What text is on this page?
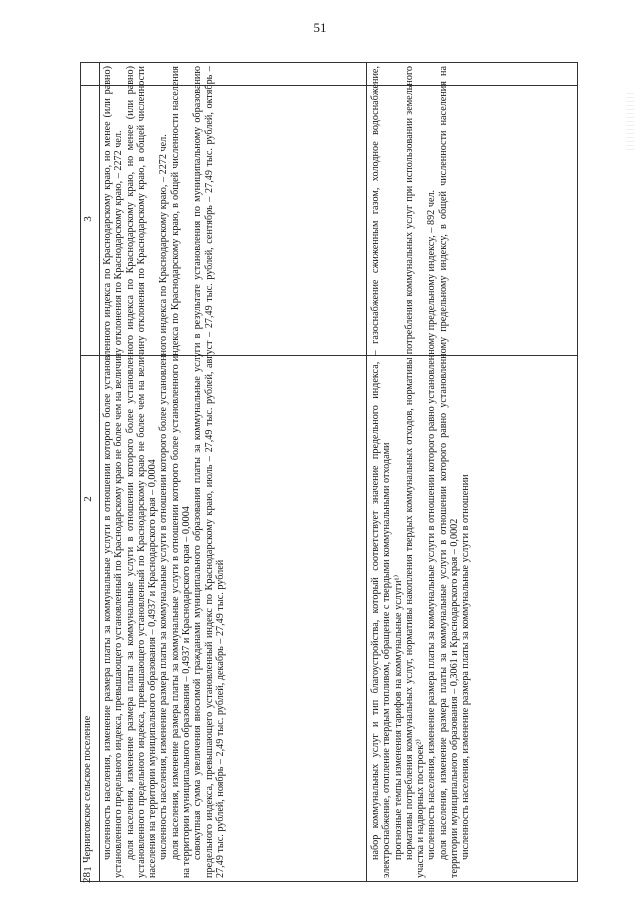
51
1
2
3
28
Черниговское сельское поселение	набор коммунальных услуг и тип благоустройства, который соответствует значение предельного индекса, – газоснабжение сжиженным газом, холодное водоснабжение, электроснабжение, отопление твердым топливом, обращение с твердыми коммунальными отходами прогнозные темпы изменения тарифов на коммунальные услуги¹⁾ нормативы потребления коммунальных услуг, нормативы накопления твердых коммунальных отходов, нормативы потребления коммунальных услуг при использовании земельного участка и надворных построек²⁾ численность населения, изменение размера платы за коммунальные услуги в отношении которого равно установленному предельному индексу, – 892 чел. доля населения, изменение размера платы за коммунальные услуги в отношении которого равно установленному предельному индексу, в общей численности населения на территории муниципального образования – 0,3061 и Краснодарского края – 0,0002 численность населения, изменение размера платы за коммунальные услуги в отношении

численность населения, изменение размера платы за коммунальные услуги в отношении которого более установленного индекса по Краснодарскому краю, но менее (или равно) установленного предельного индекса, превышающего установленный по Краснодарскому краю не более чем на величину отклонения по Краснодарскому краю, – 2272 чел. доля населения, изменение размера платы за коммунальные услуги в отношении которого более установленного индекса по Краснодарскому краю, но менее (или равно) установленного предельного индекса, превышающего установленный по Краснодарскому краю не более чем на величину отклонения по Краснодарскому краю, в общей численности населения на территории муниципального образования – 0,4937 и Краснодарского края – 0,0004 численность населения, изменение размера платы за коммунальные услуги в отношении которого более установленного индекса по Краснодарскому краю, – 2272 чел. доля населения, изменение размера платы за коммунальные услуги в отношении которого более установленного индекса по Краснодарскому краю, в общей численности населения на территории муниципального образования – 0,4937 и Краснодарского края – 0,0004 совокупная сумма увеличения вносимой гражданами муниципального образования платы за коммунальные услуги в результате установления по муниципальному образованию предельного индекса, превышающего установленный индекс по Краснодарскому краю, июль – 27,49 тыс. рублей, август – 27,49 тыс. рублей, сентябрь – 27,49 тыс. рублей, октябрь – 27,49 тыс. рублей, ноябрь – 2,49 тыс. рублей, декабрь – 27,49 тыс. рублей
